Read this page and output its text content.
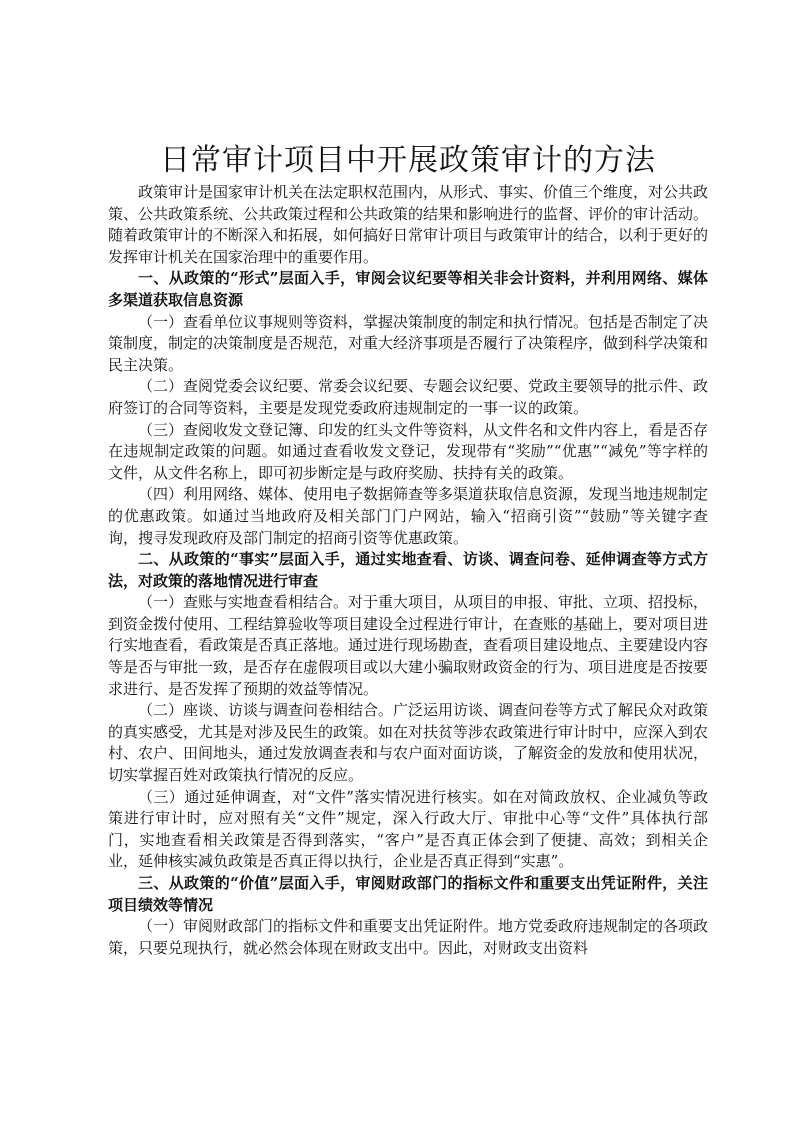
日常审计项目中开展政策审计的方法

政策审计是国家审计机关在法定职权范围内，从形式、事实、价值三个维度，对公共政策、公共政策系统、公共政策过程和公共政策的结果和影响进行的监督、评价的审计活动。随着政策审计的不断深入和拓展，如何搞好日常审计项目与政策审计的结合，以利于更好的发挥审计机关在国家治理中的重要作用。

一、从政策的“形式”层面入手，审阅会议纪要等相关非会计资料，并利用网络、媒体多渠道获取信息资源

（一）查看单位议事规则等资料，掌握决策制度的制定和执行情况。包括是否制定了决策制度，制定的决策制度是否规范，对重大经济事项是否履行了决策程序，做到科学决策和民主决策。

（二）查阅党委会议纪要、常委会议纪要、专题会议纪要、党政主要领导的批示件、政府签订的合同等资料，主要是发现党委政府违规制定的一事一议的政策。

（三）查阅收发文登记簿、印发的红头文件等资料，从文件名和文件内容上，看是否存在违规制定政策的问题。如通过查看收发文登记，发现带有“奖励”“优惠”“减免”等字样的文件，从文件名称上，即可初步断定是与政府奖励、扶持有关的政策。

（四）利用网络、媒体、使用电子数据筛查等多渠道获取信息资源，发现当地违规制定的优惠政策。如通过当地政府及相关部门门户网站，输入“招商引资”“鼓励”等关键字查询，搜寻发现政府及部门制定的招商引资等优惠政策。

二、从政策的“事实”层面入手，通过实地查看、访谈、调查问卷、延伸调查等方式方法，对政策的落地情况进行审查

（一）查账与实地查看相结合。对于重大项目，从项目的申报、审批、立项、招投标，到资金拨付使用、工程结算验收等项目建设全过程进行审计，在查账的基础上，要对项目进行实地查看，看政策是否真正落地。通过进行现场勘查，查看项目建设地点、主要建设内容等是否与审批一致，是否存在虚假项目或以大建小骗取财政资金的行为、项目进度是否按要求进行、是否发挥了预期的效益等情况。

（二）座谈、访谈与调查问卷相结合。广泛运用访谈、调查问卷等方式了解民众对政策的真实感受，尤其是对涉及民生的政策。如在对扶贫等涉农政策进行审计时中，应深入到农村、农户、田间地头，通过发放调查表和与农户面对面访谈，了解资金的发放和使用状况，切实掌握百姓对政策执行情况的反应。

（三）通过延伸调查，对“文件”落实情况进行核实。如在对简政放权、企业减负等政策进行审计时，应对照有关“文件”规定，深入行政大厅、审批中心等“文件”具体执行部门，实地查看相关政策是否得到落实，“客户”是否真正体会到了便捷、高效；到相关企业，延伸核实减负政策是否真正得以执行，企业是否真正得到“实惠”。

三、从政策的“价值”层面入手，审阅财政部门的指标文件和重要支出凭证附件，关注项目绩效等情况

（一）审阅财政部门的指标文件和重要支出凭证附件。地方党委政府违规制定的各项政策，只要兑现执行，就必然会体现在财政支出中。因此，对财政支出资料
